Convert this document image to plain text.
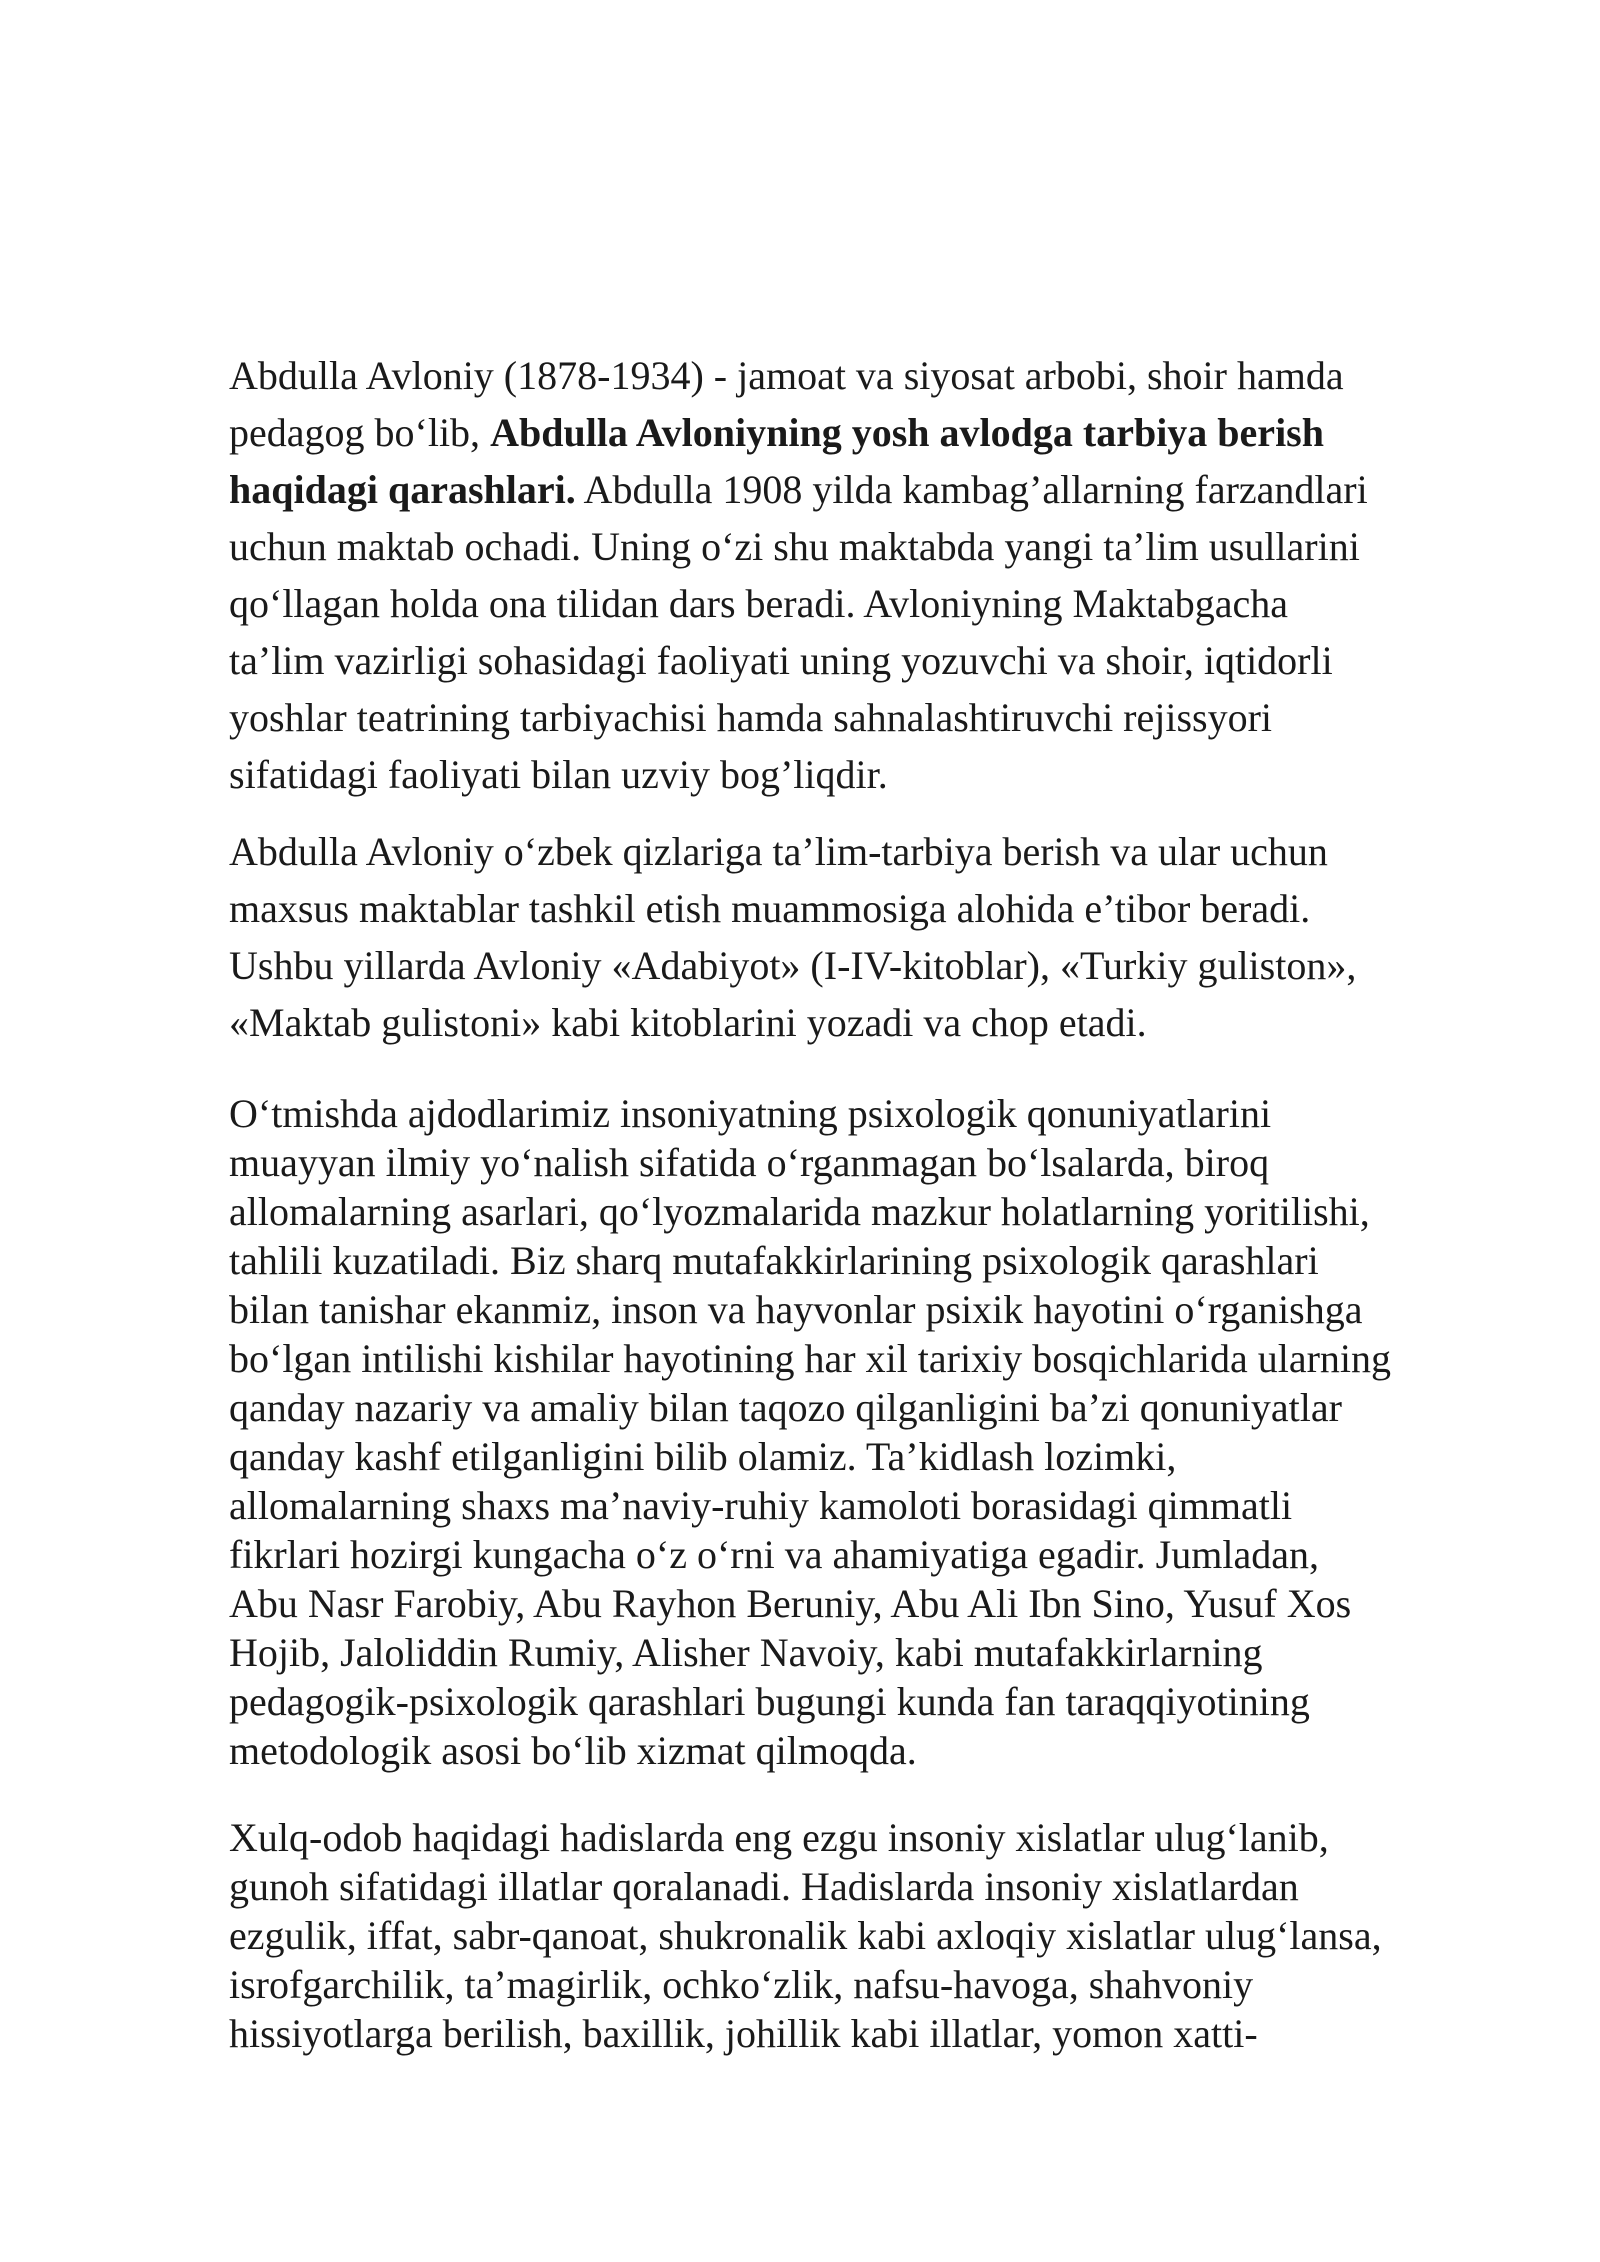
Abdulla Avloniy (1878-1934) - jamoat va siyosat arbobi, shoir hamda
pedagog bo‘lib, Abdulla Avloniyning yosh avlodga tarbiya berish
haqidagi qarashlari. Abdulla 1908 yilda kambag’allarning farzandlari
uchun maktab ochadi. Uning o‘zi shu maktabda yangi ta’lim usullarini
qo‘llagan holda ona tilidan dars beradi. Avloniyning Maktabgacha
ta’lim vazirligi sohasidagi faoliyati uning yozuvchi va shoir, iqtidorli
yoshlar teatrining tarbiyachisi hamda sahnalashtiruvchi rejissyori
sifatidagi faoliyati bilan uzviy bog’liqdir.

Abdulla Avloniy o‘zbek qizlariga ta’lim-tarbiya berish va ular uchun
maxsus maktablar tashkil etish muammosiga alohida e’tibor beradi.
Ushbu yillarda Avloniy «Adabiyot» (I-IV-kitoblar), «Turkiy guliston»,
«Maktab gulistoni» kabi kitoblarini yozadi va chop etadi.

O‘tmishda ajdodlarimiz insoniyatning psixologik qonuniyatlarini
muayyan ilmiy yo‘nalish sifatida o‘rganmagan bo‘lsalarda, biroq
allomalarning asarlari, qo‘lyozmalarida mazkur holatlarning yoritilishi,
tahlili kuzatiladi. Biz sharq mutafakkirlarining psixologik qarashlari
bilan tanishar ekanmiz, inson va hayvonlar psixik hayotini o‘rganishga
bo‘lgan intilishi kishilar hayotining har xil tarixiy bosqichlarida ularning
qanday nazariy va amaliy bilan taqozo qilganligini ba’zi qonuniyatlar
qanday kashf etilganligini bilib olamiz. Ta’kidlash lozimki,
allomalarning shaxs ma’naviy-ruhiy kamoloti borasidagi qimmatli
fikrlari hozirgi kungacha o‘z o‘rni va ahamiyatiga egadir. Jumladan,
Abu Nasr Farobiy, Abu Rayhon Beruniy, Abu Ali Ibn Sino, Yusuf Xos
Hojib, Jaloliddin Rumiy, Alisher Navoiy, kabi mutafakkirlarning
pedagogik-psixologik qarashlari bugungi kunda fan taraqqiyotining
metodologik asosi bo‘lib xizmat qilmoqda.

Xulq-odob haqidagi hadislarda eng ezgu insoniy xislatlar ulug‘lanib,
gunoh sifatidagi illatlar qoralanadi. Hadislarda insoniy xislatlardan
ezgulik, iffat, sabr-qanoat, shukronalik kabi axloqiy xislatlar ulug‘lansa,
isrofgarchilik, ta’magirlik, ochko‘zlik, nafsu-havoga, shahvoniy
hissiyotlarga berilish, baxillik, johillik kabi illatlar, yomon xatti-
